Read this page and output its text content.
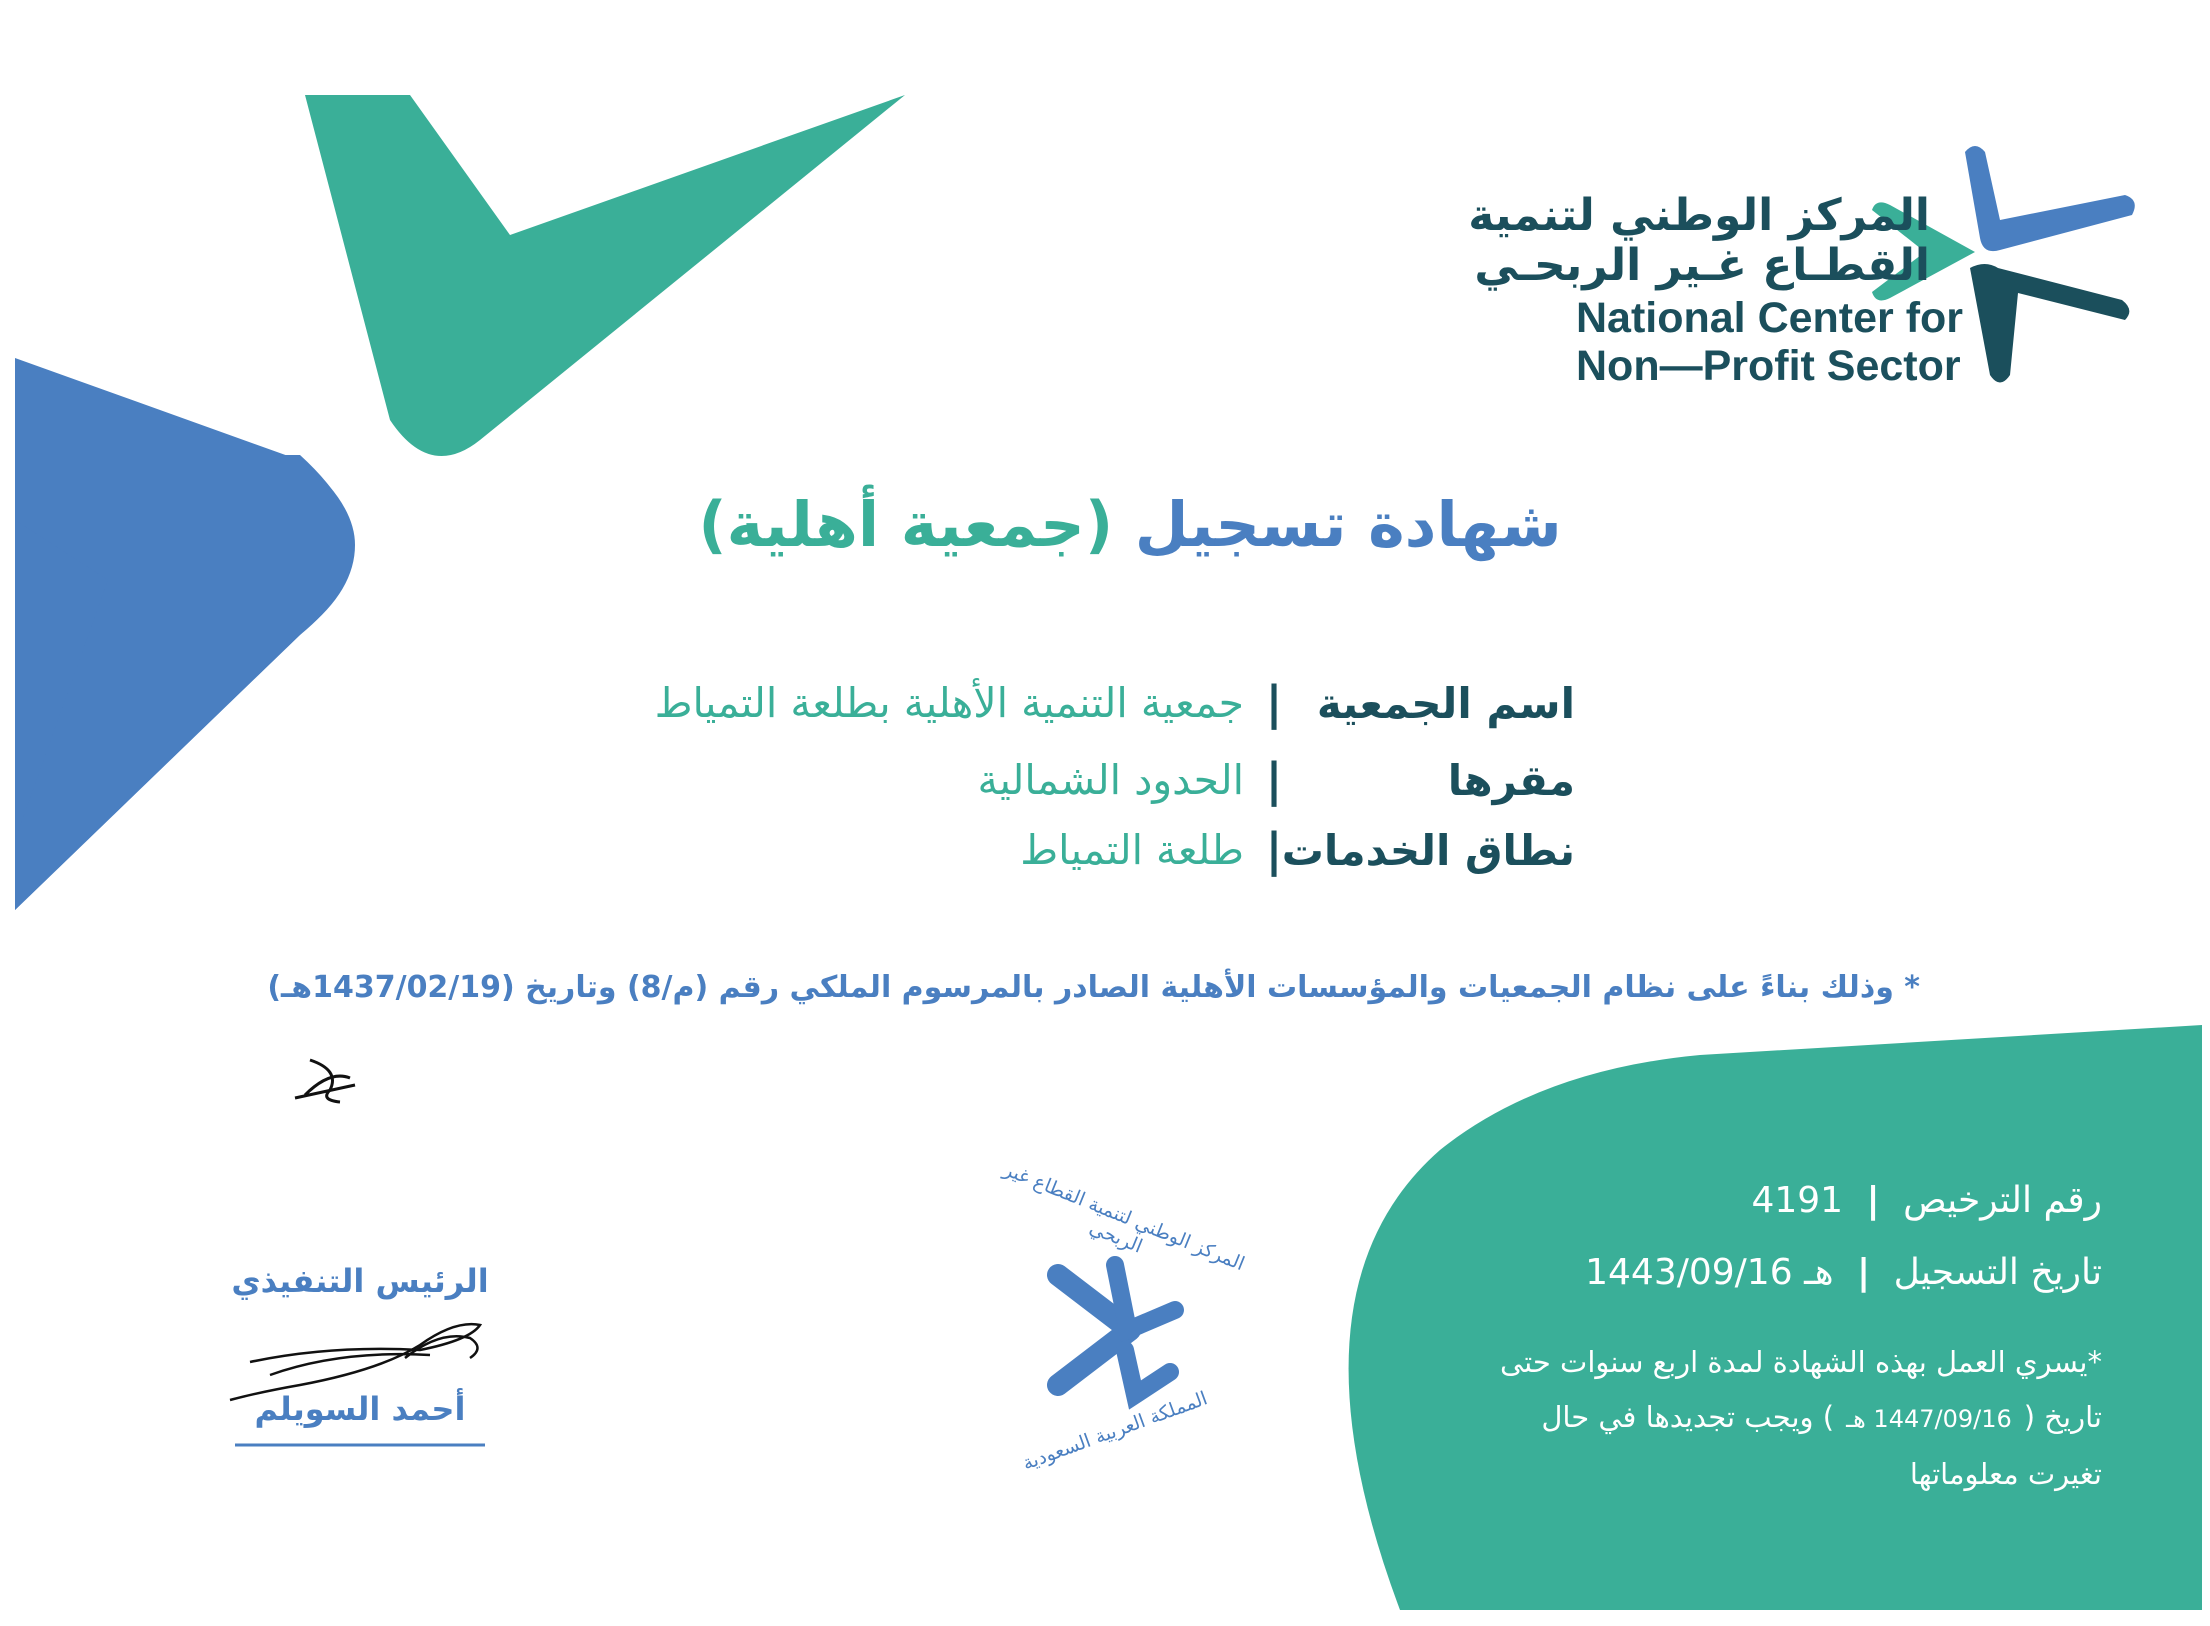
المركز الوطني لتنمية
القطـاع غـير الربحـي
National Center for
Non—Profit Sector
شهادة تسجيل (جمعية أهلية)
اسم الجمعية
|
جمعية التنمية الأهلية بطلعة التمياط
مقرها
|
الحدود الشمالية
نطاق الخدمات
|
طلعة التمياط
* وذلك بناءً على نظام الجمعيات والمؤسسات الأهلية الصادر بالمرسوم الملكي رقم (م/8) وتاريخ (1437/02/19هـ)
رقم الترخيص
|
4191
تاريخ التسجيل
|
هـ 1443/09/16
*يسري العمل بهذه الشهادة لمدة اربع سنوات حتى
تاريخ (1447/09/16 هـ) ويجب تجديدها في حال
تغيرت معلوماتها
المركز الوطني لتنمية القطاع غير الربحي
المملكة العربية السعودية
الرئيس التنفيذي
أحمد السويلم
